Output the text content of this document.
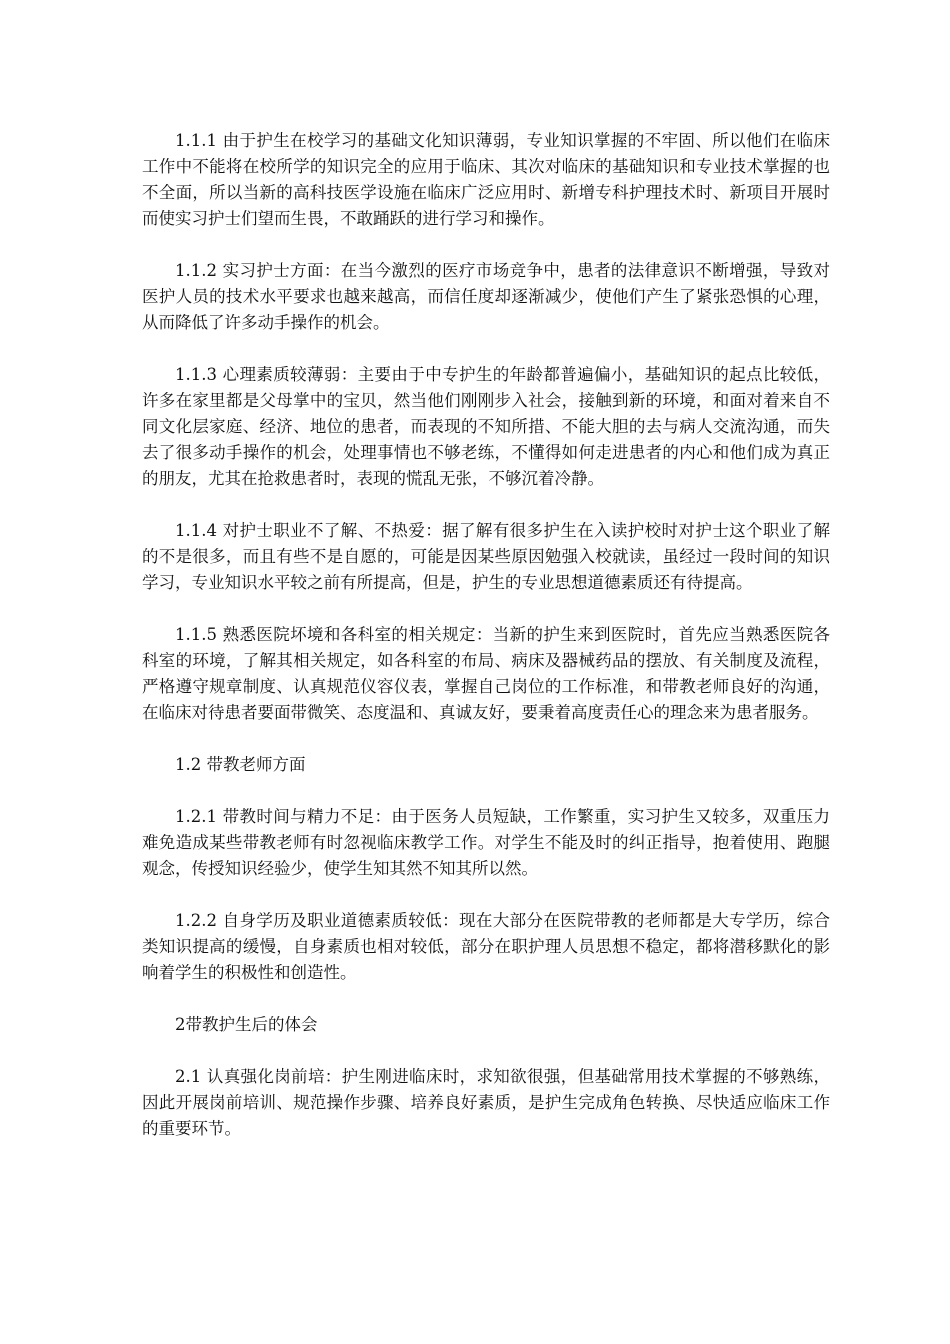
1.1.1 由于护生在校学习的基础文化知识薄弱，专业知识掌握的不牢固、所以他们在临床工作中不能将在校所学的知识完全的应用于临床、其次对临床的基础知识和专业技术掌握的也不全面，所以当新的高科技医学设施在临床广泛应用时、新增专科护理技术时、新项目开展时而使实习护士们望而生畏，不敢踊跃的进行学习和操作。

1.1.2 实习护士方面：在当今激烈的医疗市场竞争中，患者的法律意识不断增强，导致对医护人员的技术水平要求也越来越高，而信任度却逐渐减少，使他们产生了紧张恐惧的心理，从而降低了许多动手操作的机会。

1.1.3 心理素质较薄弱：主要由于中专护生的年龄都普遍偏小，基础知识的起点比较低，许多在家里都是父母掌中的宝贝，然当他们刚刚步入社会，接触到新的环境，和面对着来自不同文化层家庭、经济、地位的患者，而表现的不知所措、不能大胆的去与病人交流沟通，而失去了很多动手操作的机会，处理事情也不够老练，不懂得如何走进患者的内心和他们成为真正的朋友，尤其在抢救患者时，表现的慌乱无张，不够沉着冷静。

1.1.4 对护士职业不了解、不热爱：据了解有很多护生在入读护校时对护士这个职业了解的不是很多，而且有些不是自愿的，可能是因某些原因勉强入校就读，虽经过一段时间的知识学习，专业知识水平较之前有所提高，但是，护生的专业思想道德素质还有待提高。

1.1.5 熟悉医院坏境和各科室的相关规定：当新的护生来到医院时，首先应当熟悉医院各科室的环境，了解其相关规定，如各科室的布局、病床及器械药品的摆放、有关制度及流程，严格遵守规章制度、认真规范仪容仪表，掌握自己岗位的工作标准，和带教老师良好的沟通，在临床对待患者要面带微笑、态度温和、真诚友好，要秉着高度责任心的理念来为患者服务。

1.2 带教老师方面

1.2.1 带教时间与精力不足：由于医务人员短缺，工作繁重，实习护生又较多，双重压力难免造成某些带教老师有时忽视临床教学工作。对学生不能及时的纠正指导，抱着使用、跑腿观念，传授知识经验少，使学生知其然不知其所以然。

1.2.2 自身学历及职业道德素质较低：现在大部分在医院带教的老师都是大专学历，综合类知识提高的缓慢，自身素质也相对较低，部分在职护理人员思想不稳定，都将潜移默化的影响着学生的积极性和创造性。

2带教护生后的体会

2.1 认真强化岗前培：护生刚进临床时，求知欲很强，但基础常用技术掌握的不够熟练，因此开展岗前培训、规范操作步骤、培养良好素质，是护生完成角色转换、尽快适应临床工作的重要环节。
